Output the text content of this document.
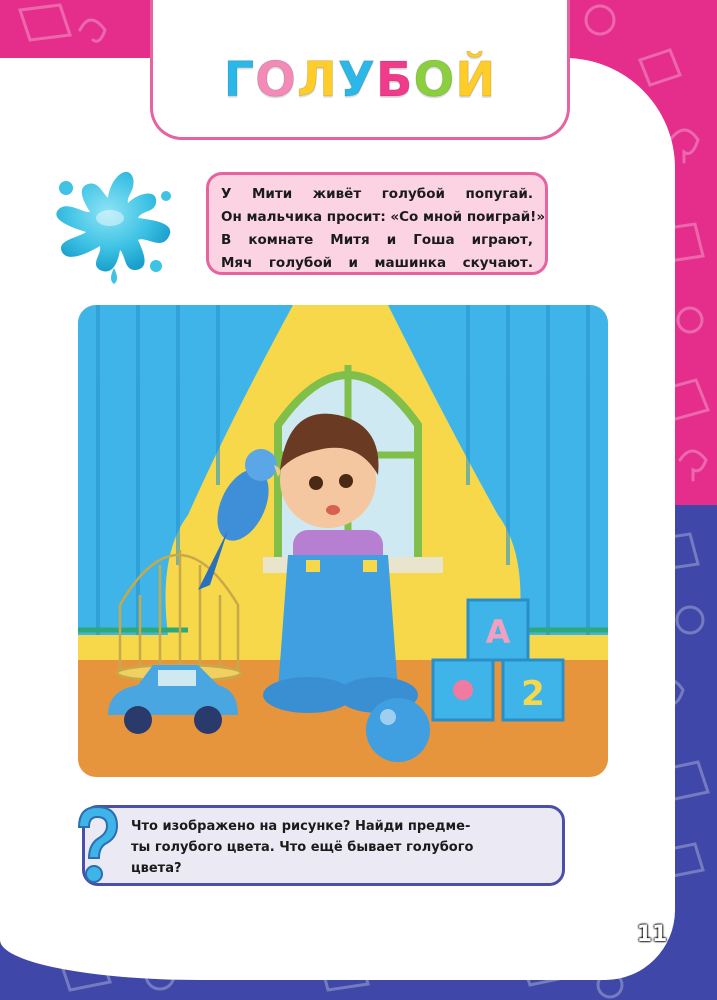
ГОЛУБОЙ
У Мити живёт голубой попугай.
Он мальчика просит: «Со мной поиграй!»
В комнате Митя и Гоша играют,
Мяч голубой и машинка скучают.
2
А
Что изображено на рисунке? Найди предме-
ты голубого цвета. Что ещё бывает голубого
цвета?
11
